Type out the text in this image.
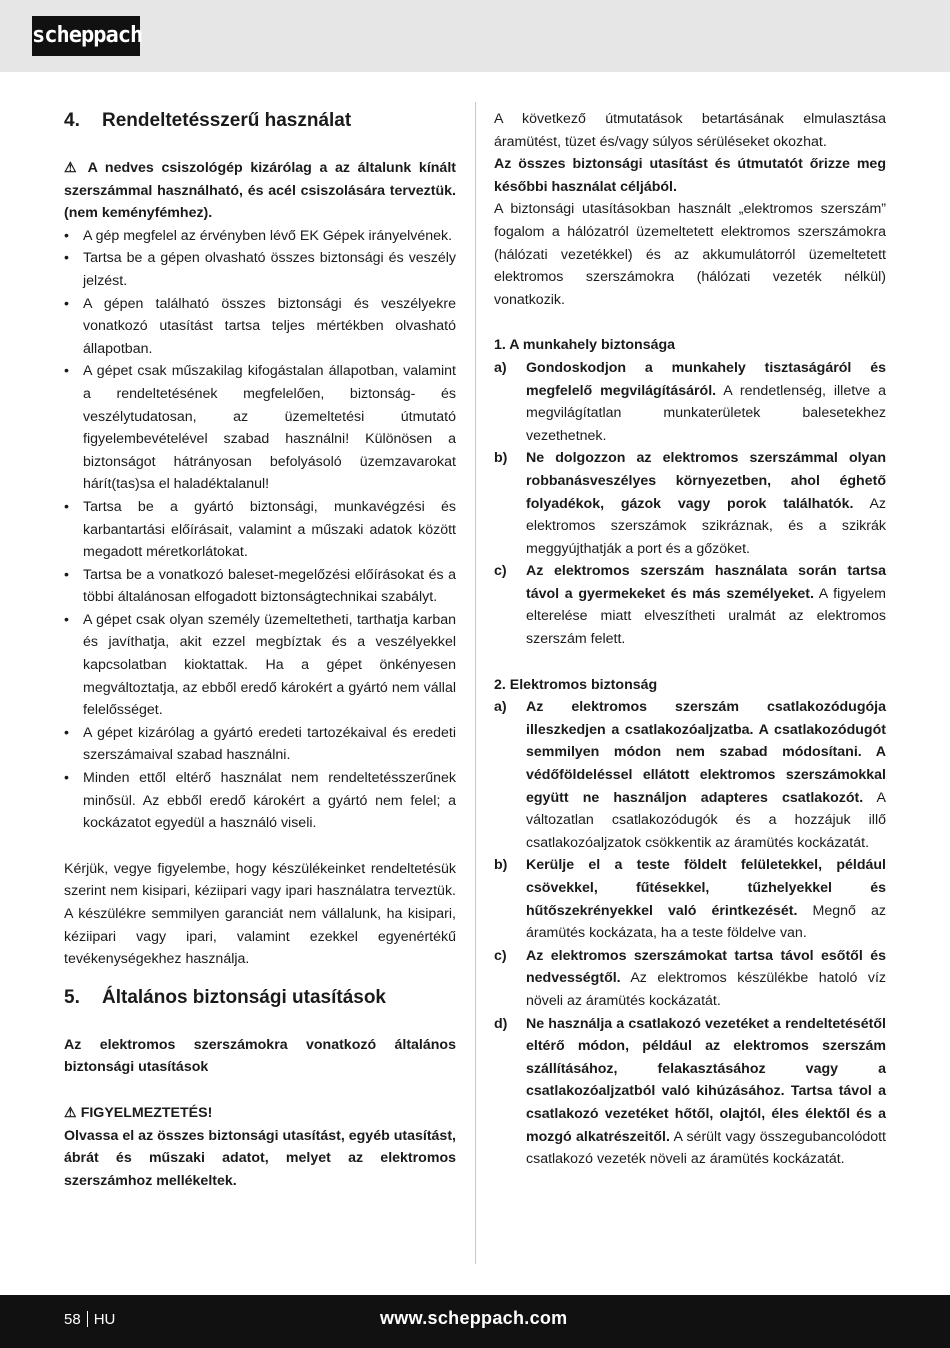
scheppach
4. Rendeltetésszerű használat

⚠ A nedves csiszológép kizárólag a az általunk kínált szerszámmal használható, és acél csiszolására terveztük. (nem keményfémhez).

• A gép megfelel az érvényben lévő EK Gépek irányelvének.
• Tartsa be a gépen olvasható összes biztonsági és veszély jelzést.
• A gépen található összes biztonsági és veszélyekre vonatkozó utasítást tartsa teljes mértékben olvasható állapotban.
• A gépet csak műszakilag kifogástalan állapotban, valamint a rendeltetésének megfelelően, biztonság- és veszélytudatosan, az üzemeltetési útmutató figyelembevételével szabad használni! Különösen a biztonságot hátrányosan befolyásoló üzemzavarokat hárít(tas)sa el haladéktalanul!
• Tartsa be a gyártó biztonsági, munkavégzési és karbantartási előírásait, valamint a műszaki adatok között megadott méretkorlátokat.
• Tartsa be a vonatkozó baleset-megelőzési előírásokat és a többi általánosan elfogadott biztonságtechnikai szabályt.
• A gépet csak olyan személy üzemeltetheti, tarthatja karban és javíthatja, akit ezzel megbíztak és a veszélyekkel kapcsolatban kioktattak. Ha a gépet önkényesen megváltoztatja, az ebből eredő károkért a gyártó nem vállal felelősséget.
• A gépet kizárólag a gyártó eredeti tartozékaival és eredeti szerszámaival szabad használni.
• Minden ettől eltérő használat nem rendeltetésszerűnek minősül. Az ebből eredő károkért a gyártó nem felel; a kockázatot egyedül a használó viseli.

Kérjük, vegye figyelembe, hogy készülékeinket rendeltetésük szerint nem kisipari, kéziipari vagy ipari használatra terveztük. A készülékre semmilyen garanciát nem vállalunk, ha kisipari, kéziipari vagy ipari, valamint ezekkel egyenértékű tevékenységekhez használja.

5. Általános biztonsági utasítások

Az elektromos szerszámokra vonatkozó általános biztonsági utasítások

⚠ FIGYELMEZTETÉS!

Olvassa el az összes biztonsági utasítást, egyéb utasítást, ábrát és műszaki adatot, melyet az elektromos szerszámhoz mellékeltek.

A következő útmutatások betartásának elmulasztása áramütést, tüzet és/vagy súlyos sérüléseket okozhat.

Az összes biztonsági utasítást és útmutatót őrizze meg későbbi használat céljából.

A biztonsági utasításokban használt „elektromos szerszám” fogalom a hálózatról üzemeltetett elektromos szerszámokra (hálózati vezetékkel) és az akkumulátorról üzemeltetett elektromos szerszámokra (hálózati vezeték nélkül) vonatkozik.

1. A munkahely biztonsága

a) Gondoskodjon a munkahely tisztaságáról és megfelelő megvilágításáról. A rendetlenség, illetve a megvilágítatlan munkaterületek balesetekhez vezethetnek.
b) Ne dolgozzon az elektromos szerszámmal olyan robbanásveszélyes környezetben, ahol éghető folyadékok, gázok vagy porok találhatók. Az elektromos szerszámok szikráznak, és a szikrák meggyújthatják a port és a gőzöket.
c) Az elektromos szerszám használata során tartsa távol a gyermekeket és más személyeket. A figyelem elterelése miatt elveszítheti uralmát az elektromos szerszám felett.

2. Elektromos biztonság

a) Az elektromos szerszám csatlakozódugója illeszkedjen a csatlakozóaljzatba. A csatlakozódugót semmilyen módon nem szabad módosítani. A védőföldeléssel ellátott elektromos szerszámokkal együtt ne használjon adapteres csatlakozót. A változatlan csatlakozódugók és a hozzájuk illő csatlakozóaljzatok csökkentik az áramütés kockázatát.
b) Kerülje el a teste földelt felületekkel, például csövekkel, fűtésekkel, tűzhelyekkel és hűtőszekrényekkel való érintkezését. Megnő az áramütés kockázata, ha a teste földelve van.
c) Az elektromos szerszámokat tartsa távol esőtől és nedvességtől. Az elektromos készülékbe hatoló víz növeli az áramütés kockázatát.
d) Ne használja a csatlakozó vezetéket a rendeltetésétől eltérő módon, például az elektromos szerszám szállításához, felakasztásához vagy a csatlakozóaljzatból való kihúzásához. Tartsa távol a csatlakozó vezetéket hőtől, olajtól, éles élektől és a mozgó alkatrészeitől. A sérült vagy összegubancolódott csatlakozó vezeték növeli az áramütés kockázatát.
58 HU	www.scheppach.com
